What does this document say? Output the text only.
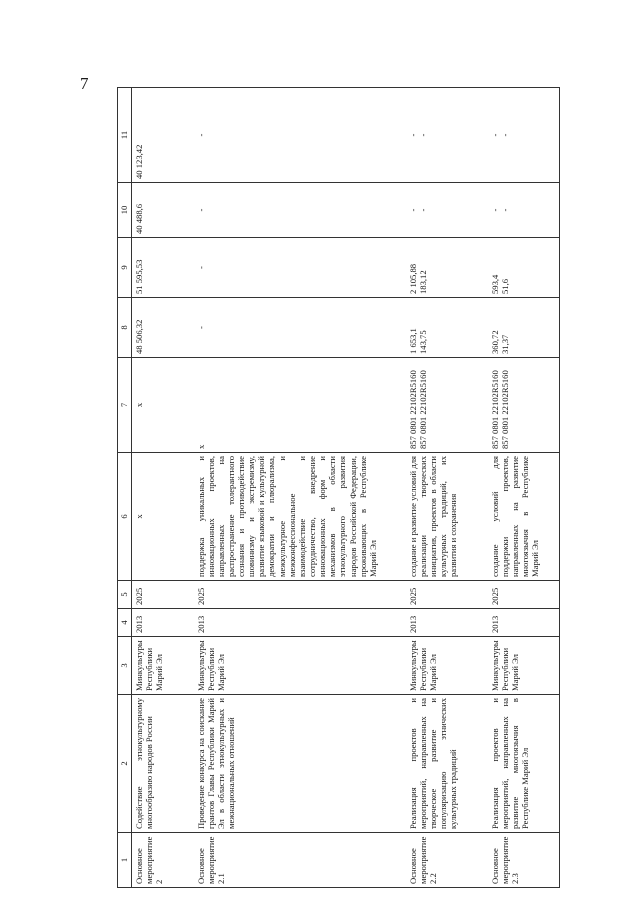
7
1	2	3	4	5	6	7	8	9	10	11
Основное мероприятие 2	Содействие этнокультурному многообразию народов России	Минкультуры Республики Марий Эл	2013	2025	x	x	48 506,32	51 595,53	40 488,6	40 123,42

Основное мероприятие 2.1	Проведение конкурса на соискание грантов Главы Республики Марий Эл в области этнокультурных и межнациональных отношений	Минкультуры Республики Марий Эл	2013	2025	поддержка уникальных и инновационных проектов, направленных на распространение толерантного сознания и противодействие шовинизму и экстремизму, развитие языковой и культурной демократии и плюрализма, межкультурное и межконфессиональное взаимодействие и сотрудничество, внедрение инновационных форм и механизмов в области этнокультурного развития народов Российской Федерации, проживающих в Республике Марий Эл	x	-	-	-	-

Основное мероприятие 2.2	Реализация проектов и мероприятий, направленных на творческое развитие и популяризацию этнических культурных традиций	Минкультуры Республики Марий Эл	2013	2025	создание и развитие условий для реализации творческих инициатив, проектов в области культурных традиций, их развития и сохранения	857 0801 22102R5160 857 0801 22102R5160	1 653,1 143,75	2 105,88 183,12	- -	- -

Основное мероприятие 2.3	Реализация проектов и мероприятий, направленных на развитие многоязычия в Республике Марий Эл	Минкультуры Республики Марий Эл	2013	2025	создание условий для поддержки проектов, направленных на развитие многоязычия в Республике Марий Эл	857 0801 22102R5160 857 0801 22102R5160	360,72 31,37	593,4 51,6	- -	- -
